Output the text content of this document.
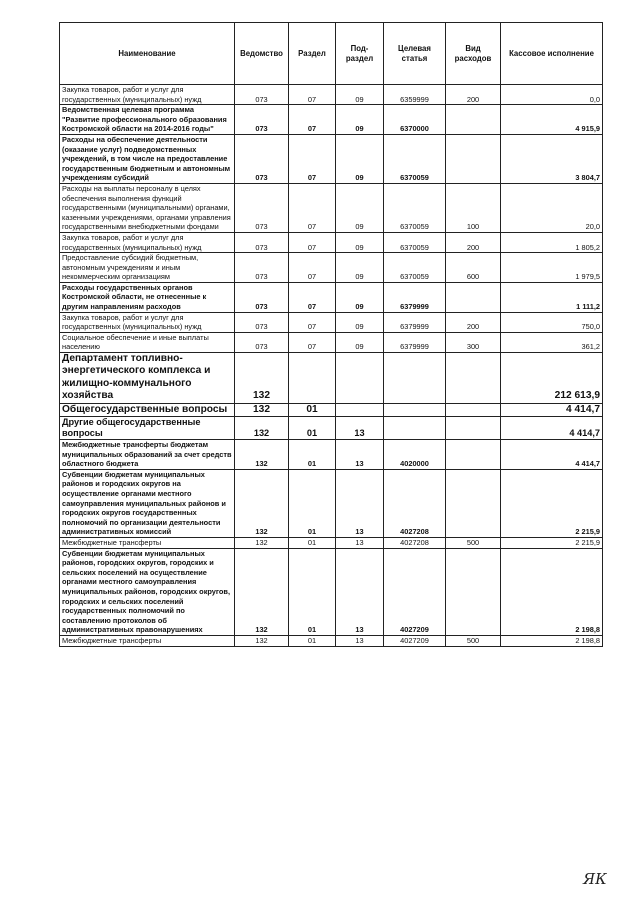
Наименование	Ведомство	Раздел	Под-раздел	Целевая статья	Вид расходов	Кассовое исполнение
Закупка товаров, работ и услуг для государственных (муниципальных) нужд	073	07	09	6359999	200	0,0
Ведомственная целевая программа "Развитие профессионального образования Костромской области на 2014-2016 годы"	073	07	09	6370000		4 915,9
Расходы на обеспечение деятельности (оказание услуг) подведомственных учреждений, в том числе на предоставление государственным бюджетным и автономным учреждениям субсидий	073	07	09	6370059		3 804,7
Расходы на выплаты персоналу в целях обеспечения выполнения функций государственными (муниципальными) органами, казенными учреждениями, органами управления государственными внебюджетными фондами	073	07	09	6370059	100	20,0
Закупка товаров, работ и услуг для государственных (муниципальных) нужд	073	07	09	6370059	200	1 805,2
Предоставление субсидий бюджетным, автономным учреждениям и иным некоммерческим организациям	073	07	09	6370059	600	1 979,5
Расходы государственных органов Костромской области, не отнесенные к другим направлениям расходов	073	07	09	6379999		1 111,2
Закупка товаров, работ и услуг для государственных (муниципальных) нужд	073	07	09	6379999	200	750,0
Социальное обеспечение и иные выплаты населению	073	07	09	6379999	300	361,2
Департамент топливно-энергетического комплекса и жилищно-коммунального хозяйства	132					212 613,9
Общегосударственные вопросы	132	01				4 414,7
Другие общегосударственные вопросы	132	01	13			4 414,7
Межбюджетные трансферты бюджетам муниципальных образований за счет средств областного бюджета	132	01	13	4020000		4 414,7
Субвенции бюджетам муниципальных районов и городских округов на осуществление органами местного самоуправления муниципальных районов и городских округов государственных полномочий по организации деятельности административных комиссий	132	01	13	4027208		2 215,9
Межбюджетные трансферты	132	01	13	4027208	500	2 215,9
Субвенции бюджетам муниципальных районов, городских округов, городских и сельских поселений на осуществление органами местного самоуправления муниципальных районов, городских округов, городских и сельских поселений государственных полномочий по составлению протоколов об административных правонарушениях	132	01	13	4027209		2 198,8
Межбюджетные трансферты	132	01	13	4027209	500	2 198,8
ЯК
